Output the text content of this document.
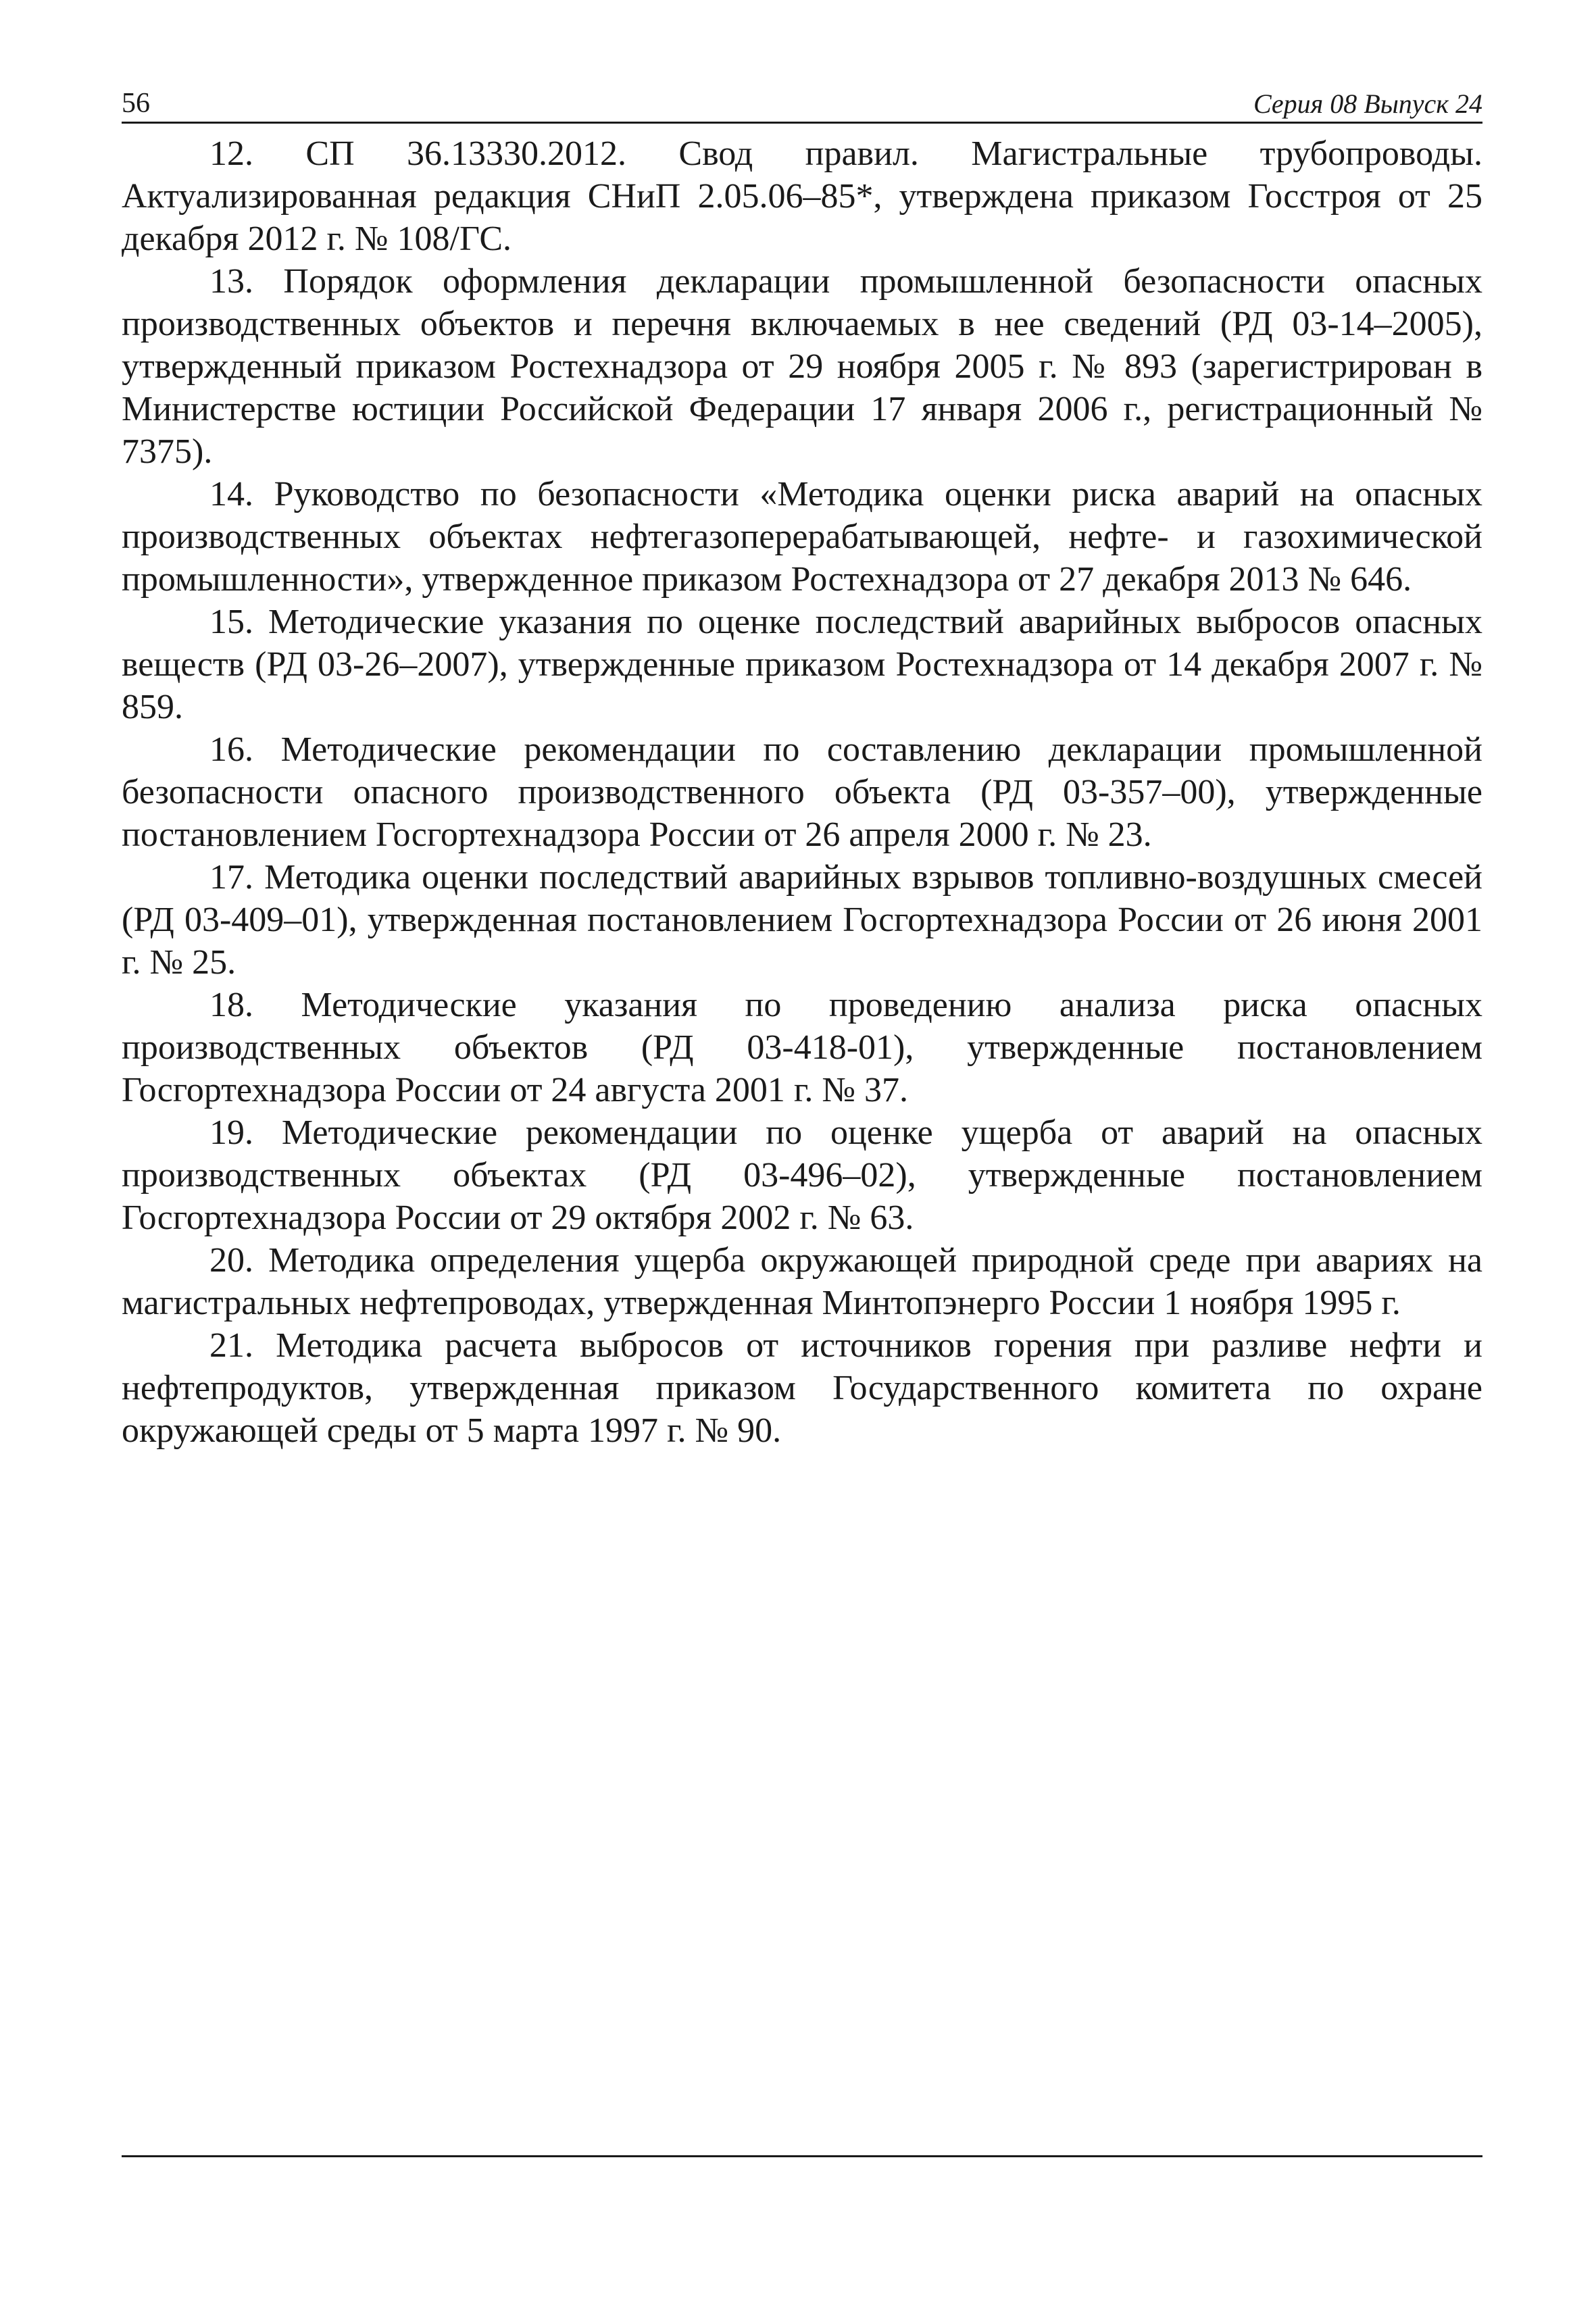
56	Серия 08 Выпуск 24

12. СП 36.13330.2012. Свод правил. Магистральные трубопроводы. Актуализированная редакция СНиП 2.05.06–85*, утверждена приказом Госстроя от 25 декабря 2012 г. № 108/ГС.

13. Порядок оформления декларации промышленной безопасности опасных производственных объектов и перечня включаемых в нее сведений (РД 03-14–2005), утвержденный приказом Ростехнадзора от 29 ноября 2005 г. № 893 (зарегистрирован в Министерстве юстиции Российской Федерации 17 января 2006 г., регистрационный № 7375).

14. Руководство по безопасности «Методика оценки риска аварий на опасных производственных объектах нефтегазоперерабатывающей, нефте- и газохимической промышленности», утвержденное приказом Ростехнадзора от 27 декабря 2013 № 646.

15. Методические указания по оценке последствий аварийных выбросов опасных веществ (РД 03-26–2007), утвержденные приказом Ростехнадзора от 14 декабря 2007 г. № 859.

16. Методические рекомендации по составлению декларации промышленной безопасности опасного производственного объекта (РД 03-357–00), утвержденные постановлением Госгортехнадзора России от 26 апреля 2000 г. № 23.

17. Методика оценки последствий аварийных взрывов топливно-воздушных смесей (РД 03-409–01), утвержденная постановлением Госгортехнадзора России от 26 июня 2001 г. № 25.

18. Методические указания по проведению анализа риска опасных производственных объектов (РД 03-418-01), утвержденные постановлением Госгортехнадзора России от 24 августа 2001 г. № 37.

19. Методические рекомендации по оценке ущерба от аварий на опасных производственных объектах (РД 03-496–02), утвержденные постановлением Госгортехнадзора России от 29 октября 2002 г. № 63.

20. Методика определения ущерба окружающей природной среде при авариях на магистральных нефтепроводах, утвержденная Минтопэнерго России 1 ноября 1995 г.

21. Методика расчета выбросов от источников горения при разливе нефти и нефтепродуктов, утвержденная приказом Государственного комитета по охране окружающей среды от 5 марта 1997 г. № 90.
